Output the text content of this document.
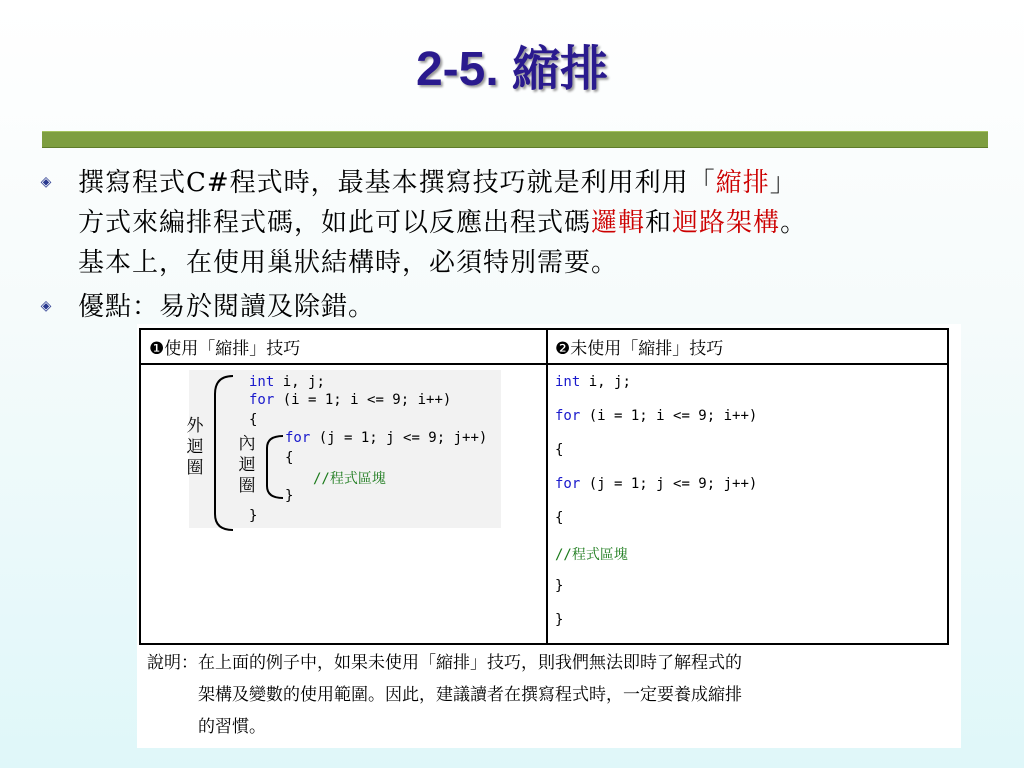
2-5. 縮排
◈ 撰寫程式C#程式時，最基本撰寫技巧就是利用利用「縮排」
方式來編排程式碼，如此可以反應出程式碼邏輯和迴路架構。
基本上，在使用巢狀結構時，必須特別需要。
◈ 優點：易於閱讀及除錯。
❶使用「縮排」技巧	❷未使用「縮排」技巧
外
迴
圈
內
迴
圈
int i, j;
for (i = 1; i <= 9; i++)
{
for (j = 1; j <= 9; j++)
{
//程式區塊
}
}
int i, j;
for (i = 1; i <= 9; i++)
{
for (j = 1; j <= 9; j++)
{
//程式區塊
}
}
說明：在上面的例子中，如果未使用「縮排」技巧，則我們無法即時了解程式的
　　　架構及變數的使用範圍。因此，建議讀者在撰寫程式時，一定要養成縮排
　　　的習慣。
